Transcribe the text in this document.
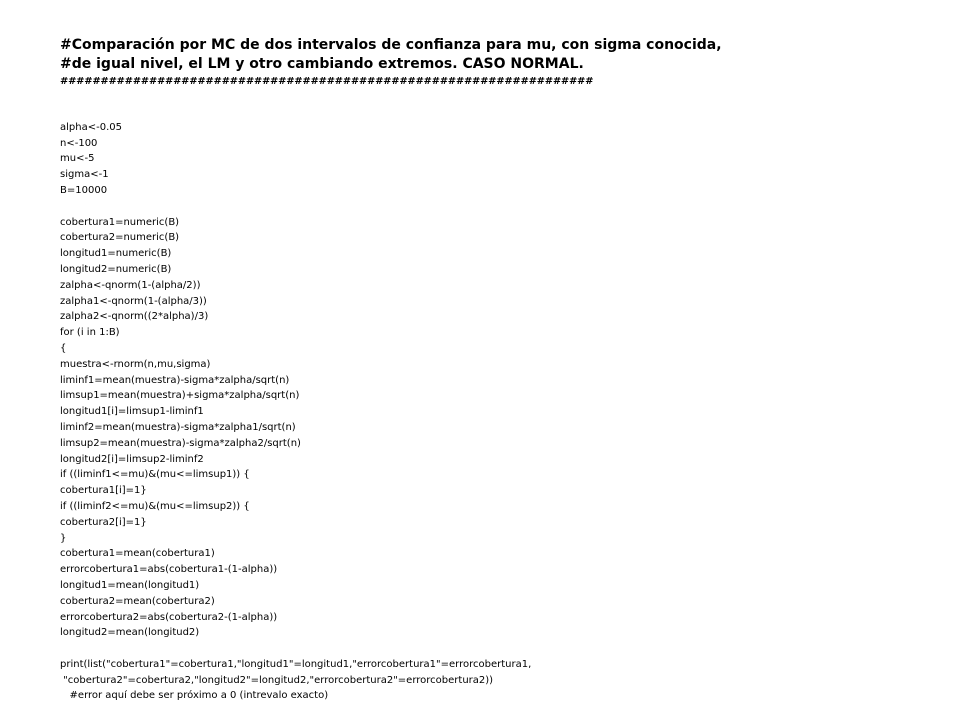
#Comparación por MC de dos intervalos de confianza para mu, con sigma conocida,
#de igual nivel, el LM y otro cambiando extremos. CASO NORMAL.
##################################################################
alpha<-0.05
n<-100
mu<-5
sigma<-1
B=10000
cobertura1=numeric(B)
cobertura2=numeric(B)
longitud1=numeric(B)
longitud2=numeric(B)
zalpha<-qnorm(1-(alpha/2))
zalpha1<-qnorm(1-(alpha/3))
zalpha2<-qnorm((2*alpha)/3)
for (i in 1:B)
{
muestra<-rnorm(n,mu,sigma)
liminf1=mean(muestra)-sigma*zalpha/sqrt(n)
limsup1=mean(muestra)+sigma*zalpha/sqrt(n)
longitud1[i]=limsup1-liminf1
liminf2=mean(muestra)-sigma*zalpha1/sqrt(n)
limsup2=mean(muestra)-sigma*zalpha2/sqrt(n)
longitud2[i]=limsup2-liminf2
if ((liminf1<=mu)&(mu<=limsup1)) {
cobertura1[i]=1}
if ((liminf2<=mu)&(mu<=limsup2)) {
cobertura2[i]=1}
}
cobertura1=mean(cobertura1)
errorcobertura1=abs(cobertura1-(1-alpha))
longitud1=mean(longitud1)
cobertura2=mean(cobertura2)
errorcobertura2=abs(cobertura2-(1-alpha))
longitud2=mean(longitud2)
print(list("cobertura1"=cobertura1,"longitud1"=longitud1,"errorcobertura1"=errorcobertura1,
"cobertura2"=cobertura2,"longitud2"=longitud2,"errorcobertura2"=errorcobertura2))
#error aquí debe ser próximo a 0 (intrevalo exacto)
